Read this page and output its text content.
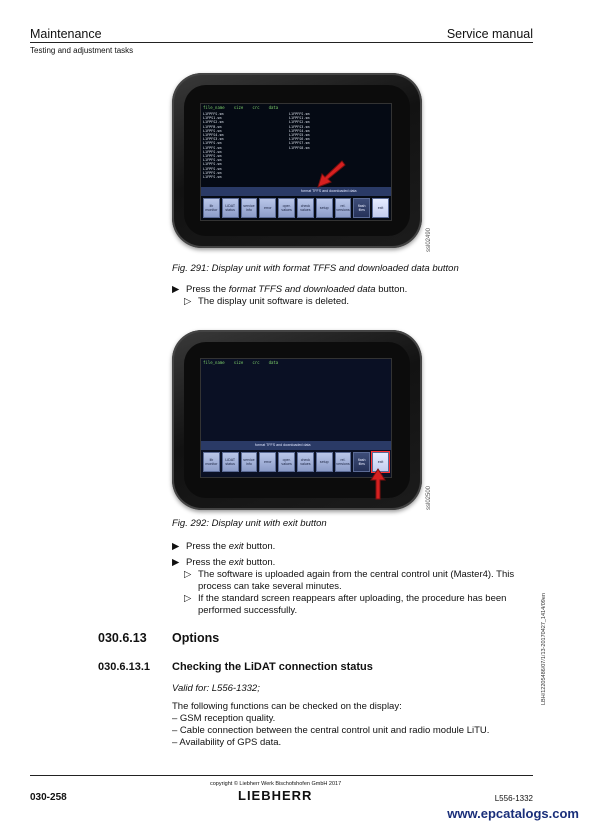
Maintenance	Service manual
Testing and adjustment tasks
file_name size crc data
L1FPFFS.sm
L1FPS1.sm
L1FPFS2.sm
L1FPFB.sm
L1FPFS.sm
L1FPFS4.sm
L1FPFS3.sm
L1FPFS.sm
L1FPFS.sm
L1FPFS.sm
L1FPFS.sm
L1FPFS.sm
L1FPFS.sm
L1FPFS.sm
L1FPFS.sm
L1FPFS.sm
L1FPFFS.sm
L1FPFS1.sm
L1FPFS2.sm
L1FPFS3.sm
L1FPFS4.sm
L1FPFS5.sm
L1FPFS6.sm
L1FPFS7.sm
L1FPFS8.sm
format TFFS and downloaded data
lib monitor
LiDAT status
service info	error	oper. values
check values	setup	rel. versions
flash files	exit
ssl02490
Fig. 291: Display unit with format TFFS and downloaded data button
▶ Press the format TFFS and downloaded data button.
▷ The display unit software is deleted.
file_name size crc data
format TFFS and downloaded data
lib monitor
LiDAT status
service info	error	oper. values
check values	setup	rel. versions
flash files	exit
ssl02500
Fig. 292: Display unit with exit button
▶ Press the exit button.
▶ Press the exit button.
▷ The software is uploaded again from the central control unit (Master4). This
process can take several minutes.
▷ If the standard screen reappears after uploading, the procedure has been
performed successfully.
030.6.13 Options
030.6.13.1 Checking the LiDAT connection status
Valid for: L556-1332;
The following functions can be checked on the display:
– GSM reception quality.
– Cable connection between the central control unit and radio module LiTU.
– Availability of GPS data.
LBH/12205486/07/1/13-20170427_1414/09en
copyright © Liebherr Werk Bischofshofen GmbH 2017
030-258	LIEBHERR	L556-1332
www.epcatalogs.com
